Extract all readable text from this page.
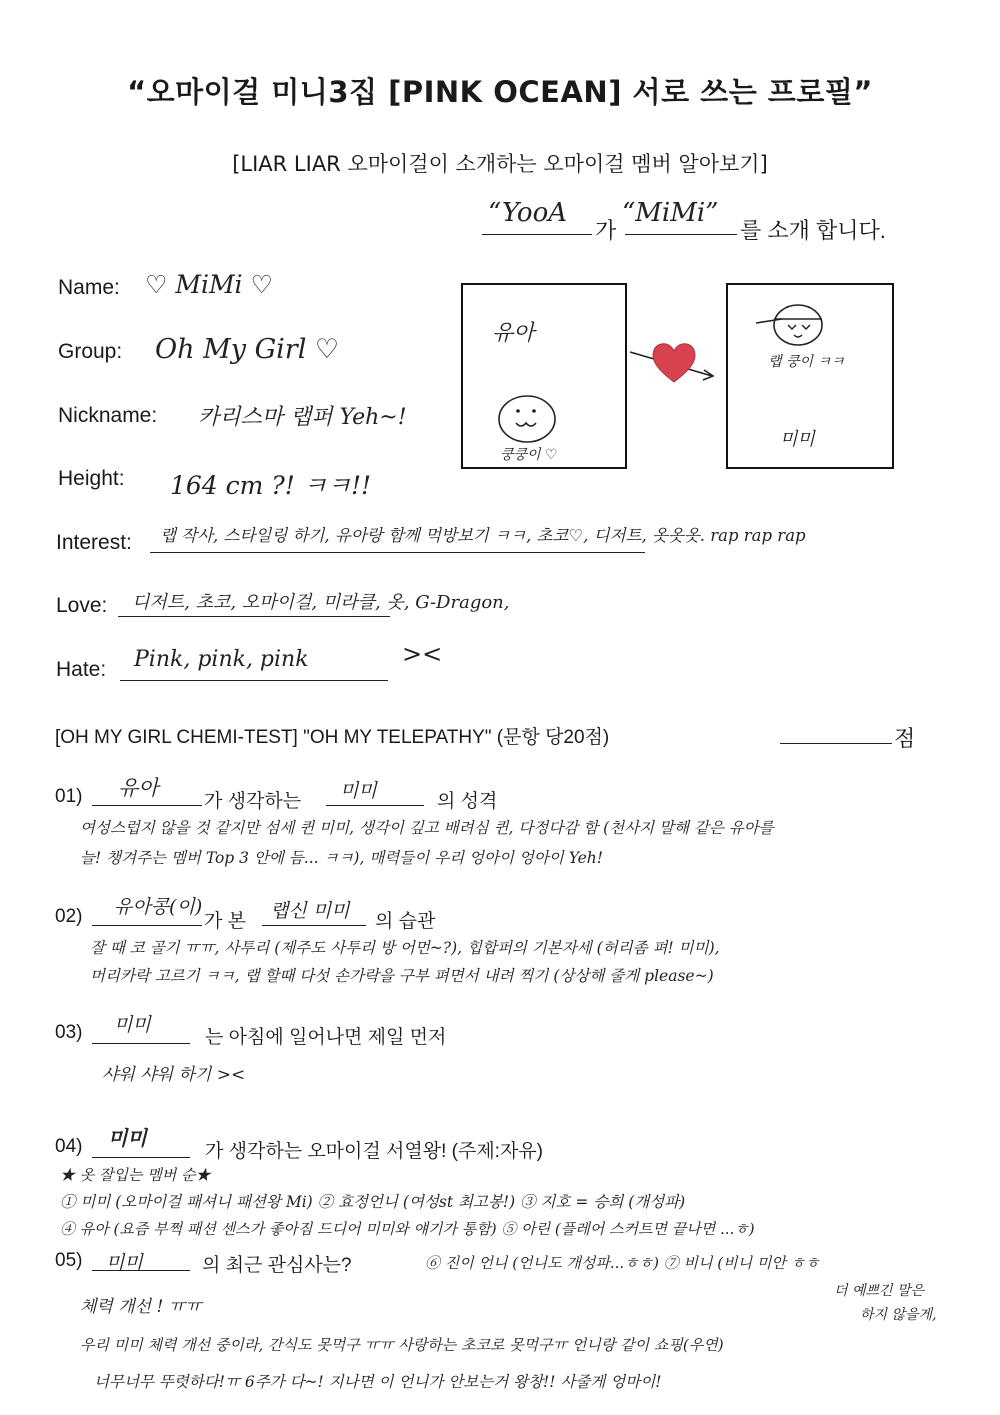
“오마이걸 미니3집 [PINK OCEAN] 서로 쓰는 프로필”
[LIAR LIAR 오마이걸이 소개하는 오마이걸 멤버 알아보기]
“YooA
가
“MiMi”
를 소개 합니다.
Name: ♡ MiMi ♡
Group: Oh My Girl ♡
Nickname: 카리스마 랩퍼 Yeh~!
Height: 164 cm ?! ㅋㅋ!!
Interest: 랩 작사, 스타일링 하기, 유아랑 함께 먹방보기 ㅋㅋ, 초코♡, 디저트, 옷옷옷. rap rap rap
Love: 디저트, 초코, 오마이걸, 미라클, 옷, G-Dragon,
Hate: Pink, pink, pink	><
유아
쿵쿵이 ♡
랩 쿵이 ㅋㅋ
미미
[OH MY GIRL CHEMI-TEST] "OH MY TELEPATHY" (문항 당20점)	점
01) 유아
가 생각하는 미미	의 성격
여성스럽지 않을 것 같지만 섬세 퀸 미미, 생각이 깊고 배려심 퀸, 다정다감 함 (천사지 말해 같은 유아를
늘! 챙겨주는 멤버 Top 3 안에 듬... ㅋㅋ), 매력들이 우리 엉아이 엉아이 Yeh!
02) 유아콩(이)
가 본 랩신 미미 의 습관
잘 때 코 골기 ㅠㅠ, 사투리 (제주도 사투리 방 어먼~?), 힙합퍼의 기본자세 (허리좀 펴! 미미),
머리카락 고르기 ㅋㅋ, 랩 할때 다섯 손가락을 구부 펴면서 내려 찍기 (상상해 줄게 please~)
03) 미미
는 아침에 일어나면 제일 먼저
샤워 샤워 하기 ><
04) 미미
가 생각하는 오마이걸 서열왕! (주제:자유)
★ 옷 잘입는 멤버 순★
① 미미 (오마이걸 패셔니 패션왕 Mi) ② 효정언니 (여성st 최고봉!) ③ 지호 = 승희 (개성파)
④ 유아 (요즘 부쩍 패션 센스가 좋아짐 드디어 미미와 얘기가 통함) ⑤ 아린 (플레어 스커트면 끝나면 ...ㅎ)
05) 미미	의 최근 관심사는?	⑥ 진이 언니 (언니도 개성파...ㅎㅎ) ⑦ 비니 (비니 미안 ㅎㅎ
더 예쁘긴 말은
하지 않을게,
체력 개선 ! ㅠㅠ
우리 미미 체력 개선 중이라, 간식도 못먹구 ㅠㅠ 사랑하는 초코로 못먹구ㅠ 언니랑 같이 쇼핑(우연)
너무너무 뚜렷하다!ㅠ 6주가 다~! 지나면 이 언니가 안보는거 왕창!! 사줄게 엉마이!
